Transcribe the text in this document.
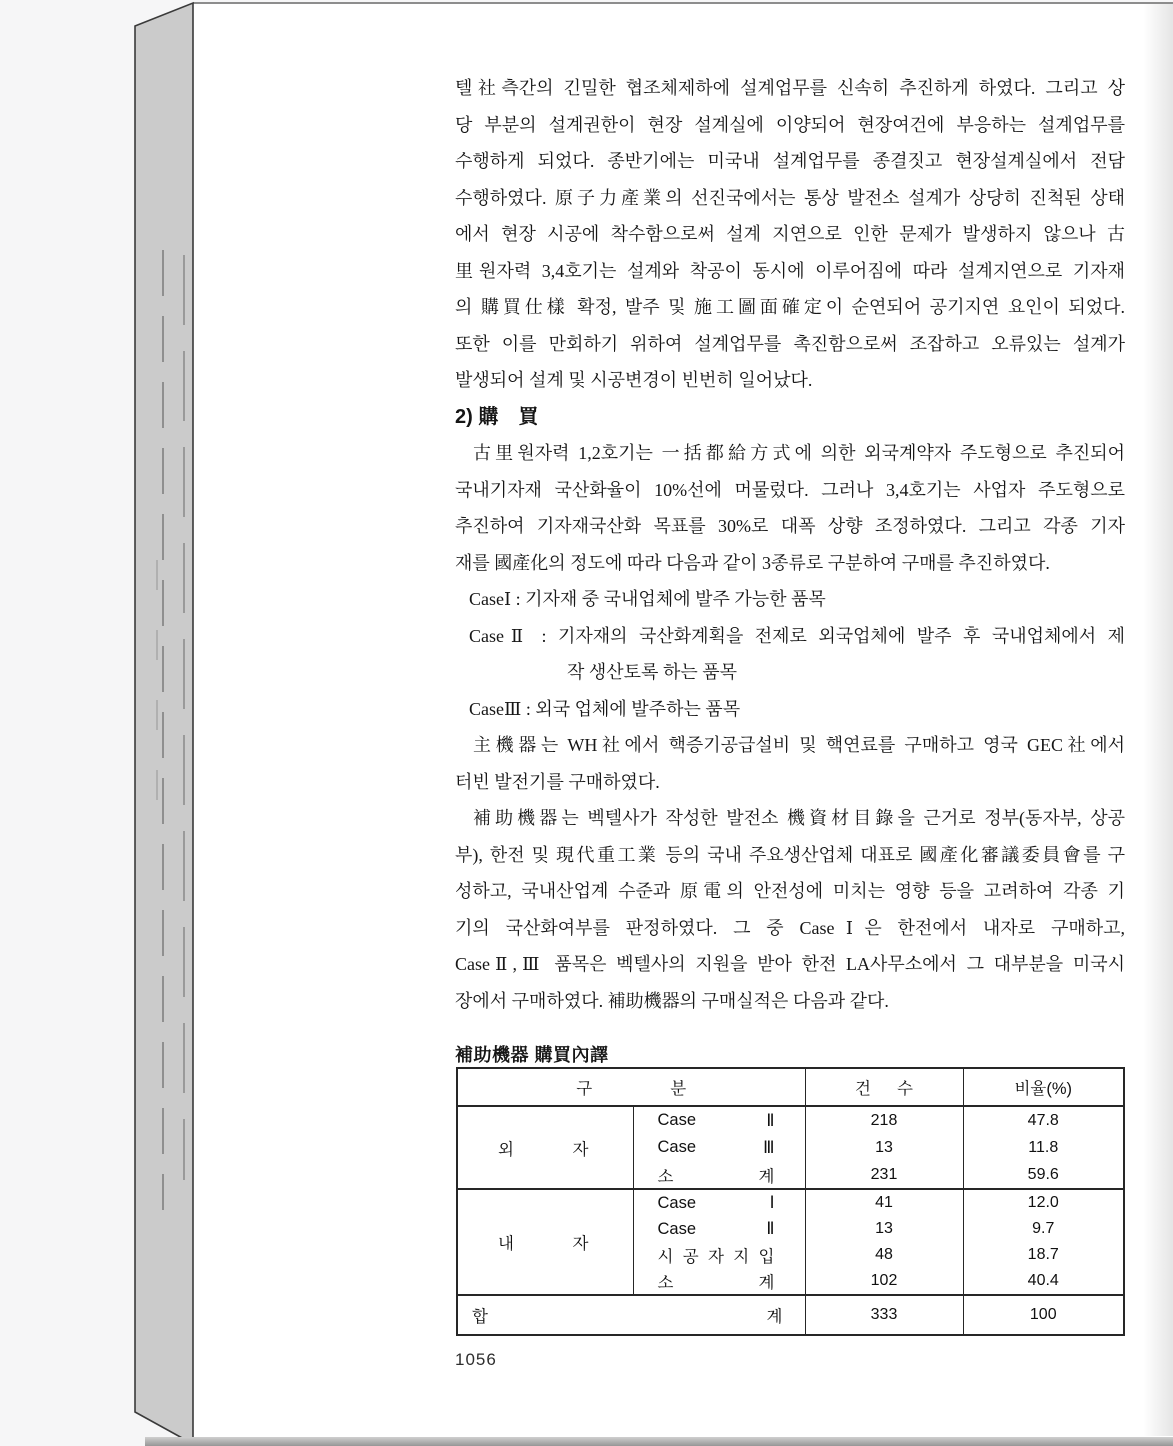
텔社측간의 긴밀한 협조체제하에 설계업무를 신속히 추진하게 하였다. 그리고 상
당 부분의 설계권한이 현장 설계실에 이양되어 현장여건에 부응하는 설계업무를
수행하게 되었다. 종반기에는 미국내 설계업무를 종결짓고 현장설계실에서 전담
수행하였다. 原子力產業의 선진국에서는 통상 발전소 설계가 상당히 진척된 상태
에서 현장 시공에 착수함으로써 설계 지연으로 인한 문제가 발생하지 않으나 古
里원자력 3,4호기는 설계와 착공이 동시에 이루어짐에 따라 설계지연으로 기자재
의 購買仕樣 확정, 발주 및 施工圖面確定이 순연되어 공기지연 요인이 되었다.
또한 이를 만회하기 위하여 설계업무를 촉진함으로써 조잡하고 오류있는 설계가
발생되어 설계 및 시공변경이 빈번히 일어났다.
2) 購　買
古里원자력 1,2호기는 一括都給方式에 의한 외국계약자 주도형으로 추진되어
국내기자재 국산화율이 10%선에 머물렀다. 그러나 3,4호기는 사업자 주도형으로
추진하여 기자재국산화 목표를 30%로 대폭 상향 조정하였다. 그리고 각종 기자
재를 國產化의 정도에 따라 다음과 같이 3종류로 구분하여 구매를 추진하였다.
CaseⅠ : 기자재 중 국내업체에 발주 가능한 품목
CaseⅡ : 기자재의 국산화계획을 전제로 외국업체에 발주 후 국내업체에서 제
작 생산토록 하는 품목
CaseⅢ : 외국 업체에 발주하는 품목
主機器는 WH社에서 핵증기공급설비 및 핵연료를 구매하고 영국 GEC社에서
터빈 발전기를 구매하였다.
補助機器는 벡텔사가 작성한 발전소 機資材目錄을 근거로 정부(동자부, 상공
부), 한전 및 現代重工業 등의 국내 주요생산업체 대표로 國產化審議委員會를 구
성하고, 국내산업계 수준과 原電의 안전성에 미치는 영향 등을 고려하여 각종 기
기의 국산화여부를 판정하였다. 그 중 CaseⅠ은 한전에서 내자로 구매하고,
CaseⅡ,Ⅲ 품목은 벡텔사의 지원을 받아 한전 LA사무소에서 그 대부분을 미국시
장에서 구매하였다. 補助機器의 구매실적은 다음과 같다.
補助機器 購買內譯
구 분		건 수	비율(%)

외 자	Case Ⅱ	218	47.8

	Case Ⅲ	13	11.8

	소 계	231	59.6

내 자	Case Ⅰ	41	12.0

	Case Ⅱ	13	9.7

	시 공 자 지 입	48	18.7

	소 계	102	40.4

합 계		333	100
1056
